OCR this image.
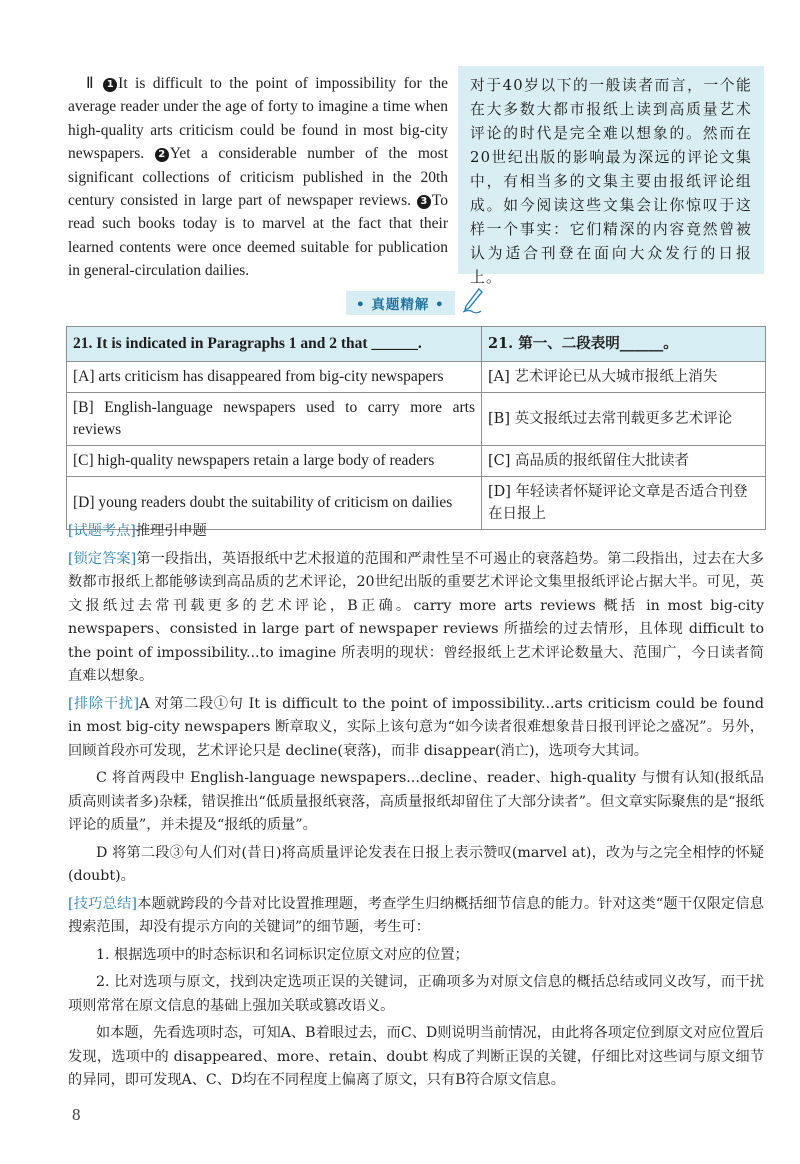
Ⅱ 1 It is difficult to the point of impossibility for the average reader under the age of forty to imagine a time when high-quality arts criticism could be found in most big-city newspapers. 2 Yet a considerable number of the most significant collections of criticism published in the 20th century consisted in large part of newspaper reviews. 3 To read such books today is to marvel at the fact that their learned contents were once deemed suitable for publication in general-circulation dailies.
对于40岁以下的一般读者而言，一个能在大多数大都市报纸上读到高质量艺术评论的时代是完全难以想象的。然而在20世纪出版的影响最为深远的评论文集中，有相当多的文集主要由报纸评论组成。如今阅读这些文集会让你惊叹于这样一个事实：它们精深的内容竟然曾被认为适合刊登在面向大众发行的日报上。
• 真题精解 •
21. It is indicated in Paragraphs 1 and 2 that ______.	21. 第一、二段表明______。
[A] arts criticism has disappeared from big-city newspapers	[A] 艺术评论已从大城市报纸上消失
[B] English-language newspapers used to carry more arts reviews	[B] 英文报纸过去常刊载更多艺术评论
[C] high-quality newspapers retain a large body of readers	[C] 高品质的报纸留住大批读者
[D] young readers doubt the suitability of criticism on dailies	[D] 年轻读者怀疑评论文章是否适合刊登在日报上

[试题考点]推理引申题

[锁定答案]第一段指出，英语报纸中艺术报道的范围和严肃性呈不可遏止的衰落趋势。第二段指出，过去在大多数都市报纸上都能够读到高品质的艺术评论，20世纪出版的重要艺术评论文集里报纸评论占据大半。可见，英文报纸过去常刊载更多的艺术评论，B正确。carry more arts reviews 概括 in most big-city newspapers、consisted in large part of newspaper reviews 所描绘的过去情形，且体现 difficult to the point of impossibility...to imagine 所表明的现状：曾经报纸上艺术评论数量大、范围广，今日读者简直难以想象。

[排除干扰]A 对第二段①句 It is difficult to the point of impossibility...arts criticism could be found in most big-city newspapers 断章取义，实际上该句意为“如今读者很难想象昔日报刊评论之盛况”。另外，回顾首段亦可发现，艺术评论只是 decline(衰落)，而非 disappear(消亡)，选项夸大其词。

C 将首两段中 English-language newspapers...decline、reader、high-quality 与惯有认知(报纸品质高则读者多)杂糅，错误推出“低质量报纸衰落，高质量报纸却留住了大部分读者”。但文章实际聚焦的是“报纸评论的质量”，并未提及“报纸的质量”。

D 将第二段③句人们对(昔日)将高质量评论发表在日报上表示赞叹(marvel at)，改为与之完全相悖的怀疑(doubt)。

[技巧总结]本题就跨段的今昔对比设置推理题，考查学生归纳概括细节信息的能力。针对这类“题干仅限定信息搜索范围，却没有提示方向的关键词”的细节题，考生可：

1. 根据选项中的时态标识和名词标识定位原文对应的位置；

2. 比对选项与原文，找到决定选项正误的关键词，正确项多为对原文信息的概括总结或同义改写，而干扰项则常常在原文信息的基础上强加关联或篡改语义。

如本题，先看选项时态，可知A、B着眼过去，而C、D则说明当前情况，由此将各项定位到原文对应位置后发现，选项中的 disappeared、more、retain、doubt 构成了判断正误的关键，仔细比对这些词与原文细节的异同，即可发现A、C、D均在不同程度上偏离了原文，只有B符合原文信息。

8
